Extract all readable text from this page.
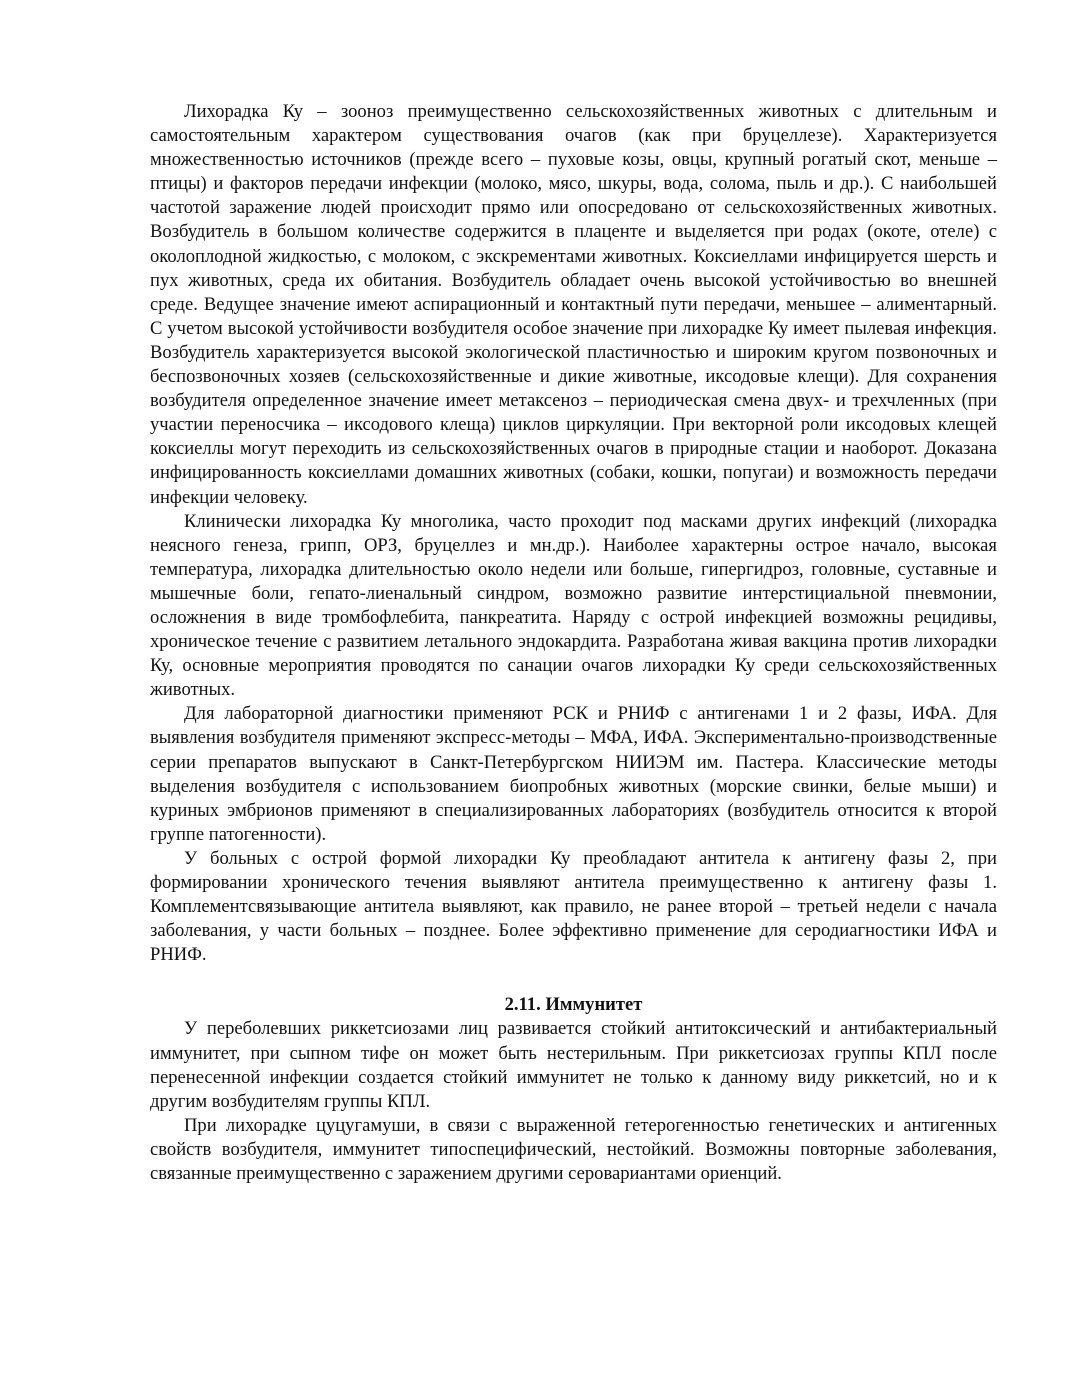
Лихорадка Ку – зооноз преимущественно сельскохозяйственных животных с длительным и самостоятельным характером существования очагов (как при бруцеллезе). Характеризуется множественностью источников (прежде всего – пуховые козы, овцы, крупный рогатый скот, меньше – птицы) и факторов передачи инфекции (молоко, мясо, шкуры, вода, солома, пыль и др.). С наибольшей частотой заражение людей происходит прямо или опосредовано от сельскохозяйственных животных. Возбудитель в большом количестве содержится в плаценте и выделяется при родах (окоте, отеле) с околоплодной жидкостью, с молоком, с экскрементами животных. Коксиеллами инфицируется шерсть и пух животных, среда их обитания. Возбудитель обладает очень высокой устойчивостью во внешней среде. Ведущее значение имеют аспирационный и контактный пути передачи, меньшее – алиментарный. С учетом высокой устойчивости возбудителя особое значение при лихорадке Ку имеет пылевая инфекция. Возбудитель характеризуется высокой экологической пластичностью и широким кругом позвоночных и беспозвоночных хозяев (сельскохозяйственные и дикие животные, иксодовые клещи). Для сохранения возбудителя определенное значение имеет метаксеноз – периодическая смена двух- и трехчленных (при участии переносчика – иксодового клеща) циклов циркуляции. При векторной роли иксодовых клещей коксиеллы могут переходить из сельскохозяйственных очагов в природные стации и наоборот. Доказана инфицированность коксиеллами домашних животных (собаки, кошки, попугаи) и возможность передачи инфекции человеку.

Клинически лихорадка Ку многолика, часто проходит под масками других инфекций (лихорадка неясного генеза, грипп, ОРЗ, бруцеллез и мн.др.). Наиболее характерны острое начало, высокая температура, лихорадка длительностью около недели или больше, гипергидроз, головные, суставные и мышечные боли, гепато-лиенальный синдром, возможно развитие интерстициальной пневмонии, осложнения в виде тромбофлебита, панкреатита. Наряду с острой инфекцией возможны рецидивы, хроническое течение с развитием летального эндокардита. Разработана живая вакцина против лихорадки Ку, основные мероприятия проводятся по санации очагов лихорадки Ку среди сельскохозяйственных животных.

Для лабораторной диагностики применяют РСК и РНИФ с антигенами 1 и 2 фазы, ИФА. Для выявления возбудителя применяют экспресс-методы – МФА, ИФА. Экспериментально-производственные серии препаратов выпускают в Санкт-Петербургском НИИЭМ им. Пастера. Классические методы выделения возбудителя с использованием биопробных животных (морские свинки, белые мыши) и куриных эмбрионов применяют в специализированных лабораториях (возбудитель относится к второй группе патогенности).

У больных с острой формой лихорадки Ку преобладают антитела к антигену фазы 2, при формировании хронического течения выявляют антитела преимущественно к антигену фазы 1. Комплементсвязывающие антитела выявляют, как правило, не ранее второй – третьей недели с начала заболевания, у части больных – позднее. Более эффективно применение для серодиагностики ИФА и РНИФ.

2.11. Иммунитет

У переболевших риккетсиозами лиц развивается стойкий антитоксический и антибактериальный иммунитет, при сыпном тифе он может быть нестерильным. При риккетсиозах группы КПЛ после перенесенной инфекции создается стойкий иммунитет не только к данному виду риккетсий, но и к другим возбудителям группы КПЛ.

При лихорадке цуцугамуши, в связи с выраженной гетерогенностью генетических и антигенных свойств возбудителя, иммунитет типоспецифический, нестойкий. Возможны повторные заболевания, связанные преимущественно с заражением другими серовариантами ориенций.
